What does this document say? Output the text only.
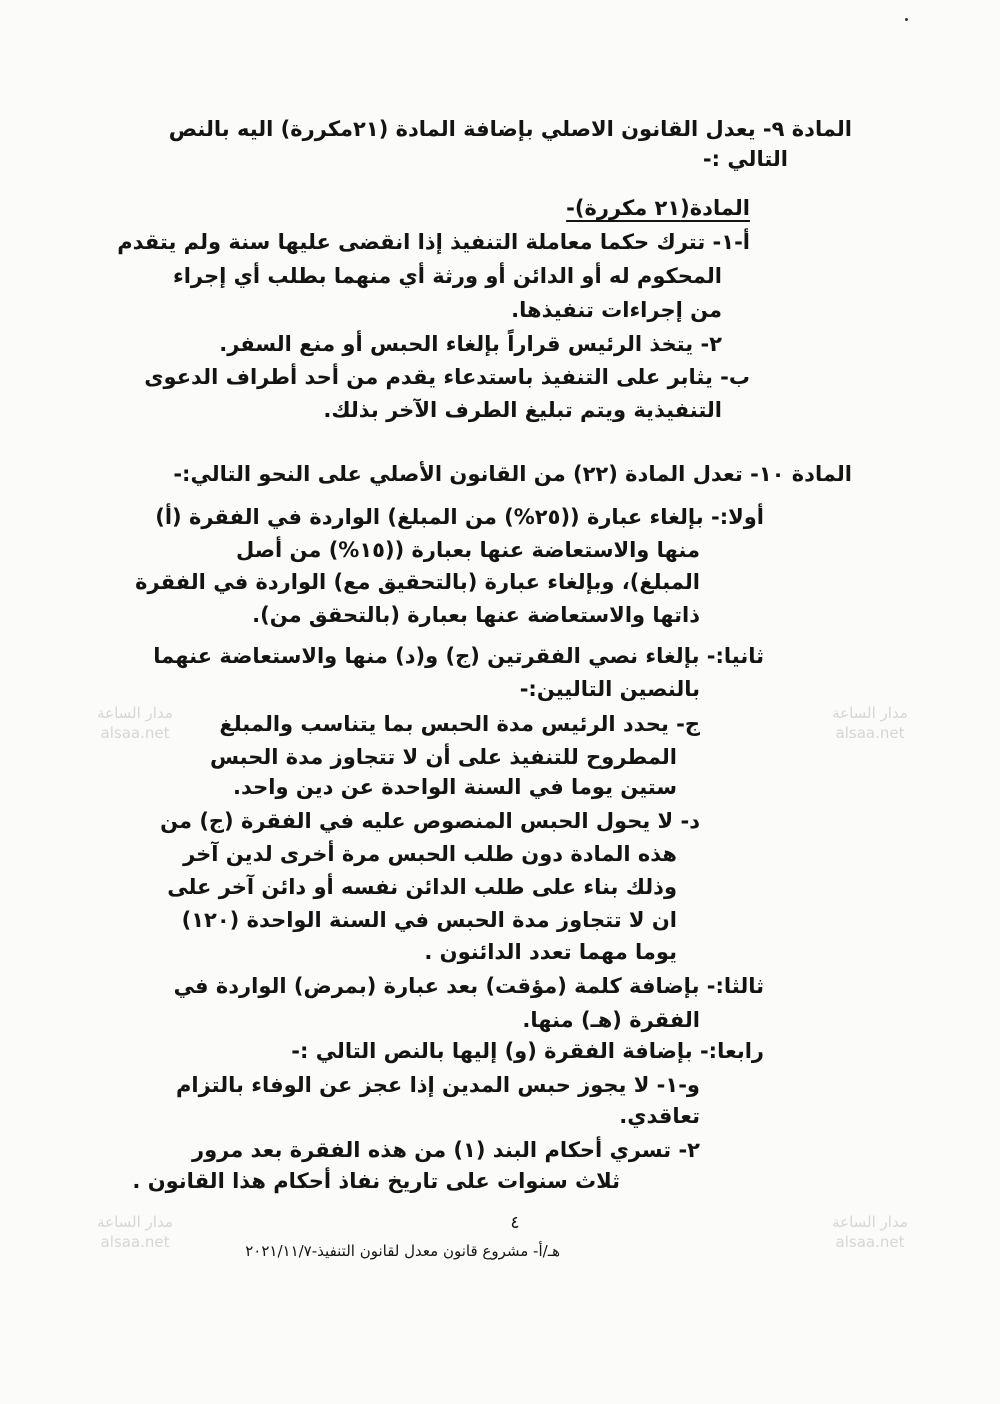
المادة ٩- يعدل القانون الاصلي بإضافة المادة (٢١مكررة) اليه بالنص
التالي :-
المادة(٢١ مكررة)-
أ-١- تترك حكما معاملة التنفيذ إذا انقضى عليها سنة ولم يتقدم
المحكوم له أو الدائن أو ورثة أي منهما بطلب أي إجراء
من إجراءات تنفيذها.
٢- يتخذ الرئيس قراراً بإلغاء الحبس أو منع السفر.
ب- يثابر على التنفيذ باستدعاء يقدم من أحد أطراف الدعوى
التنفيذية ويتم تبليغ الطرف الآخر بذلك.
المادة ١٠- تعدل المادة (٢٢) من القانون الأصلي على النحو التالي:-
أولا:- بإلغاء عبارة ((٢٥%) من المبلغ) الواردة في الفقرة (أ)
منها والاستعاضة عنها بعبارة ((١٥%) من أصل
المبلغ)، وبإلغاء عبارة (بالتحقيق مع) الواردة في الفقرة
ذاتها والاستعاضة عنها بعبارة (بالتحقق من).
ثانيا:- بإلغاء نصي الفقرتين (ج) و(د) منها والاستعاضة عنهما
بالنصين التاليين:-
ج- يحدد الرئيس مدة الحبس بما يتناسب والمبلغ
المطروح للتنفيذ على أن لا تتجاوز مدة الحبس
ستين يوما في السنة الواحدة عن دين واحد.
د- لا يحول الحبس المنصوص عليه في الفقرة (ج) من
هذه المادة دون طلب الحبس مرة أخرى لدين آخر
وذلك بناء على طلب الدائن نفسه أو دائن آخر على
ان لا تتجاوز مدة الحبس في السنة الواحدة (١٢٠)
يوما مهما تعدد الدائنون .
ثالثا:- بإضافة كلمة (مؤقت) بعد عبارة (بمرض) الواردة في
الفقرة (هـ) منها.
رابعا:- بإضافة الفقرة (و) إليها بالنص التالي :-
و-١- لا يجوز حبس المدين إذا عجز عن الوفاء بالتزام
تعاقدي.
٢- تسري أحكام البند (١) من هذه الفقرة بعد مرور
ثلاث سنوات على تاريخ نفاذ أحكام هذا القانون .
مدار الساعة
alsaa.net
مدار الساعة
alsaa.net
مدار الساعة
alsaa.net
مدار الساعة
alsaa.net
٤
هـ/أ- مشروع قانون معدل لقانون التنفيذ-٢٠٢١/١١/٧
